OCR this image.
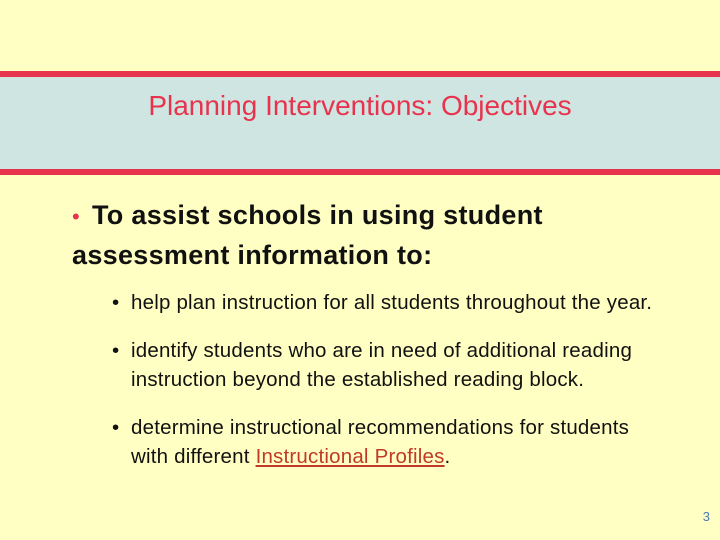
Planning Interventions: Objectives
• To assist schools in using student assessment information to:
• help plan instruction for all students throughout the year.
• identify students who are in need of additional reading instruction beyond the established reading block.
• determine instructional recommendations for students with different Instructional Profiles.
3
